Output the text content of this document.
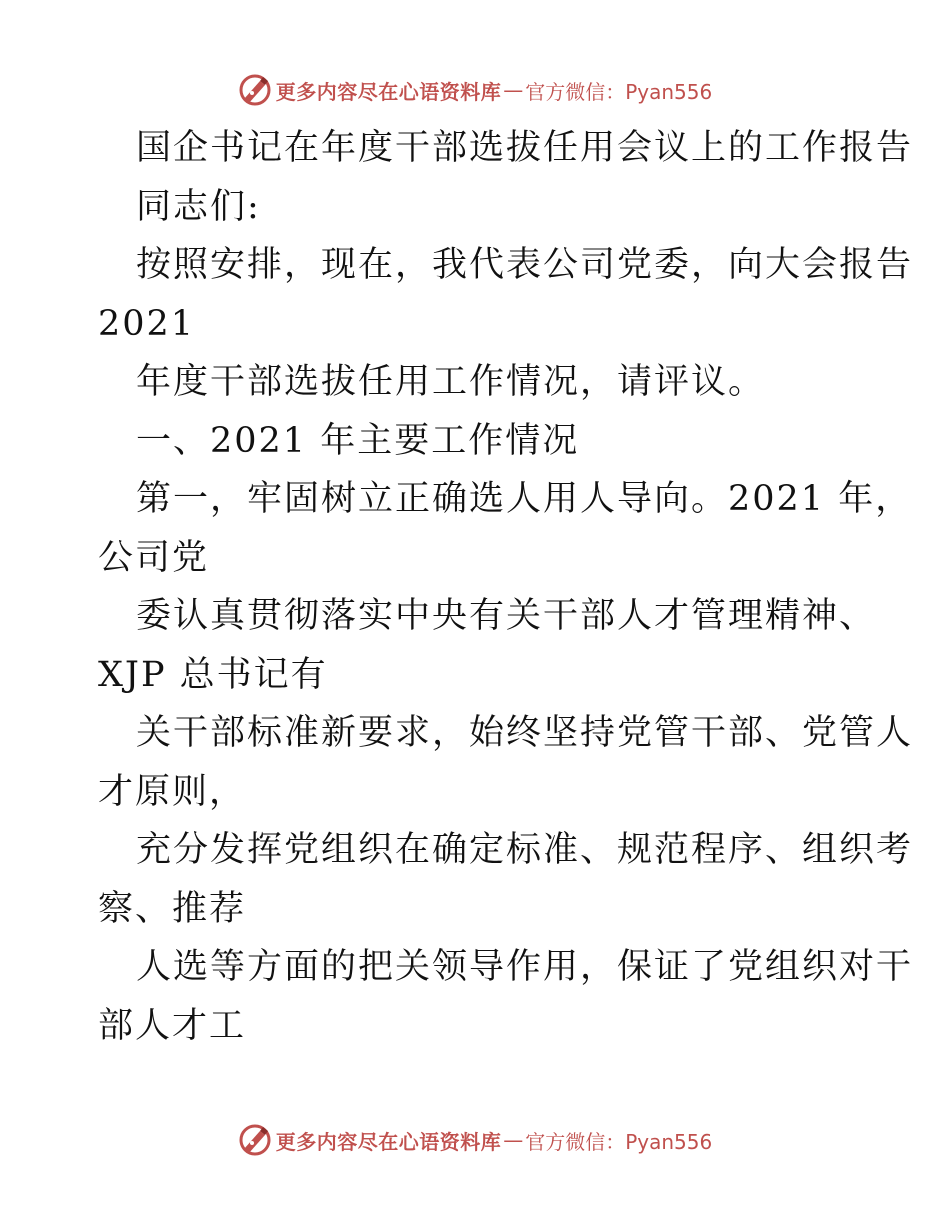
更多内容尽在心语资料库 — 官方微信：Pyan556
国企书记在年度干部选拔任用会议上的工作报告
同志们:
按照安排，现在，我代表公司党委，向大会报告
2021
年度干部选拔任用工作情况，请评议。
一、2021 年主要工作情况
第一，牢固树立正确选人用人导向。2021 年，
公司党
委认真贯彻落实中央有关干部人才管理精神、
XJP 总书记有
关干部标准新要求，始终坚持党管干部、党管人
才原则，
充分发挥党组织在确定标准、规范程序、组织考
察、推荐
人选等方面的把关领导作用，保证了党组织对干
部人才工
更多内容尽在心语资料库 — 官方微信：Pyan556
